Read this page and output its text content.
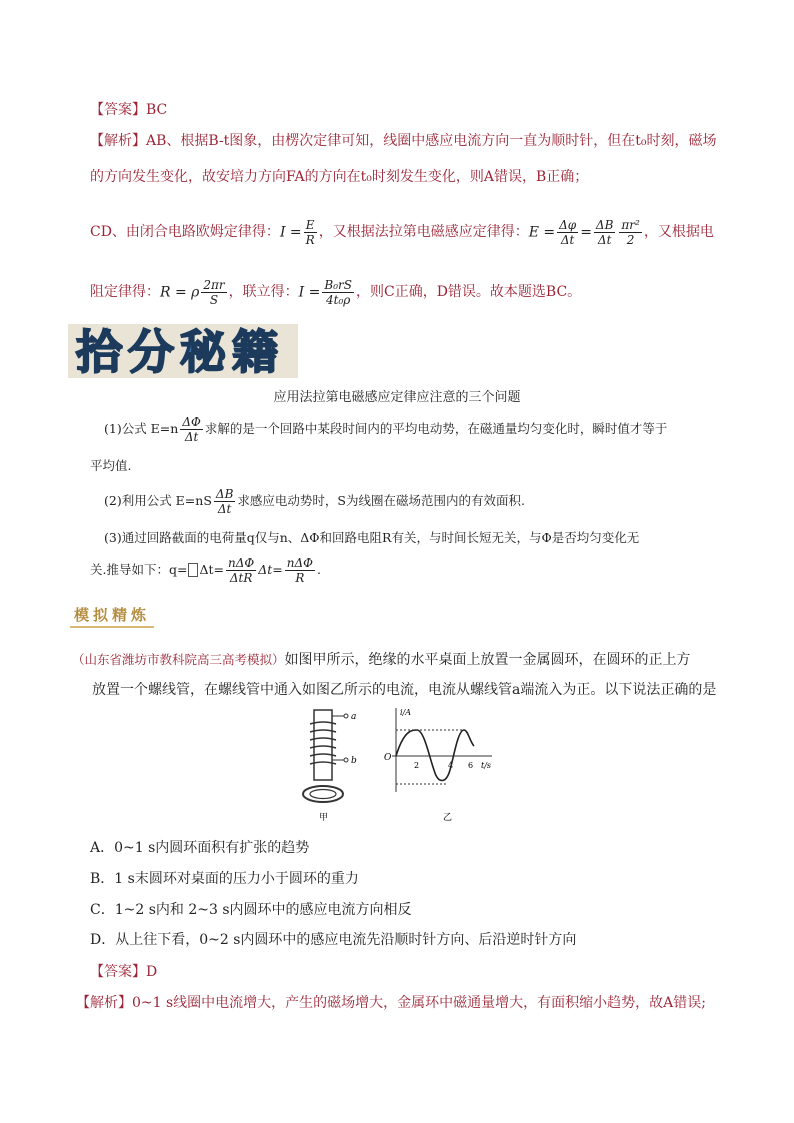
【答案】BC
【解析】AB、根据B-t图象，由楞次定律可知，线圈中感应电流方向一直为顺时针，但在t₀时刻，磁场
的方向发生变化，故安培力方向FA的方向在t₀时刻发生变化，则A错误，B正确；
CD、由闭合电路欧姆定律得： $I = \frac{E}{R}$ ，又根据法拉第电磁感应定律得： $E = \frac{\Delta\varphi}{\Delta t} = \frac{\Delta B}{\Delta t} \frac{\text{πr²}}{2}$ ，又根据电
阻定律得： R = ρ $\frac{2\pi r}{S}$ ，联立得： $I = \frac{\text{B₀rS}}{\text{4t₀ρ}}$ ，则C正确，D错误。故本题选BC。
拾分秘籍
应用法拉第电磁感应定律应注意的三个问题
(1)公式 $E=n \frac{\Delta\Phi}{\Delta t}$ 求解的是一个回路中某段时间内的平均电动势，在磁通量均匀变化时，瞬时值才等于
平均值.
(2)利用公式 $E=nS \frac{\Delta B}{\Delta t}$ 求感应电动势时，S为线圈在磁场范围内的有效面积.
(3)通过回路截面的电荷量q仅与n、ΔΦ和回路电阻R有关，与时间长短无关，与Φ是否均匀变化无
关.推导如下：$q= \Delta t= \frac{\text{nΔΦ}}{\text{ΔtR}} \Delta t= \frac{\text{nΔΦ}}{R}$ .
模拟精炼
（山东省潍坊市教科院高三高考模拟）如图甲所示，绝缘的水平桌面上放置一金属圆环，在圆环的正上方
放置一个螺线管，在螺线管中通入如图乙所示的电流，电流从螺线管a端流入为正。以下说法正确的是
a
b
甲
i/A
O
2	4 6 t/s
乙
A．0~1 s内圆环面积有扩张的趋势
B．1 s末圆环对桌面的压力小于圆环的重力
C．1~2 s内和 2~3 s内圆环中的感应电流方向相反
D．从上往下看，0~2 s内圆环中的感应电流先沿顺时针方向、后沿逆时针方向
【答案】D
【解析】0~1 s线圈中电流增大，产生的磁场增大，金属环中磁通量增大，有面积缩小趋势，故A错误;
